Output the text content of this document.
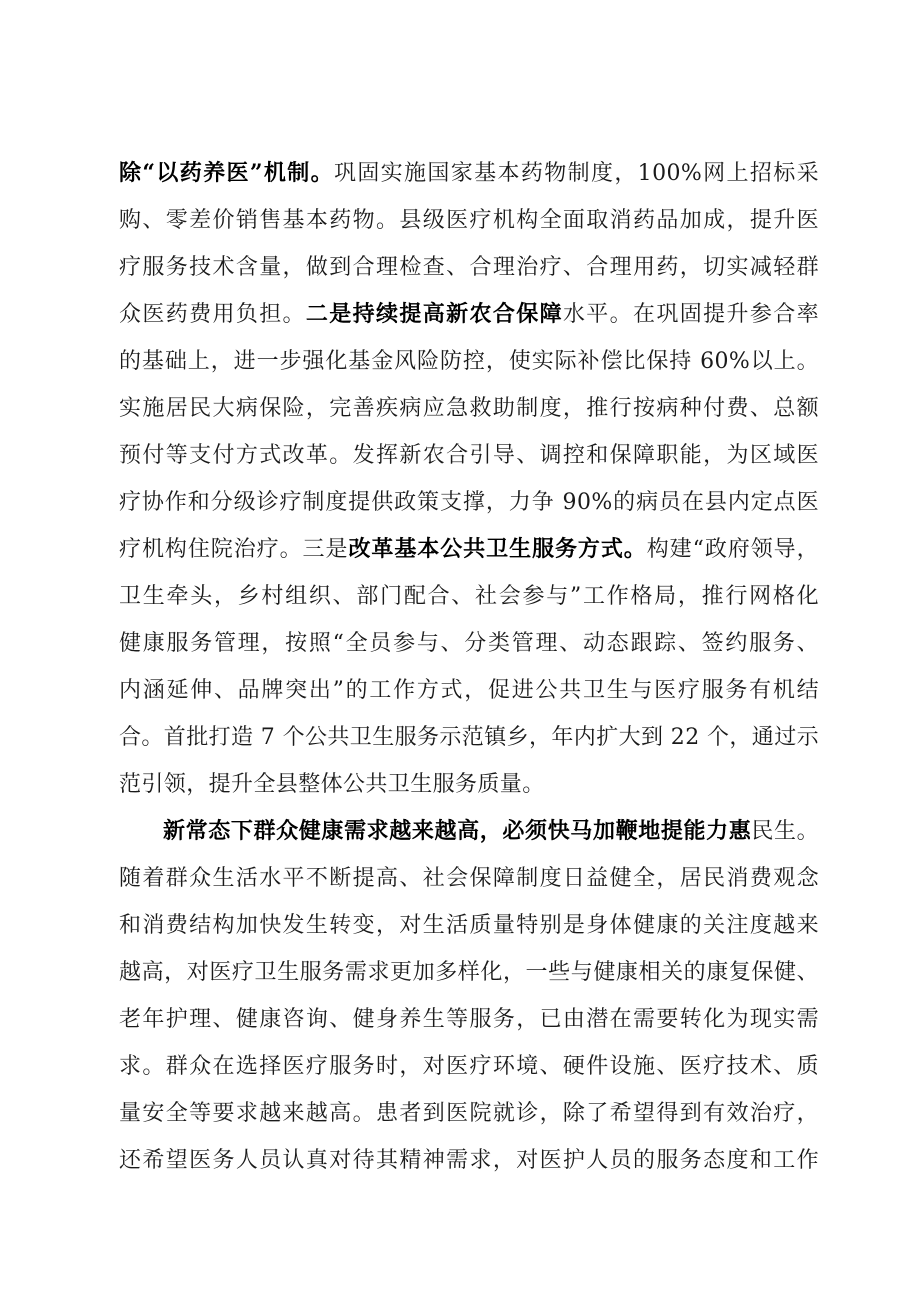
除“以药养医”机制。巩固实施国家基本药物制度，100%网上招标采
购、零差价销售基本药物。县级医疗机构全面取消药品加成，提升医
疗服务技术含量，做到合理检查、合理治疗、合理用药，切实减轻群
众医药费用负担。二是持续提高新农合保障水平。在巩固提升参合率
的基础上，进一步强化基金风险防控，使实际补偿比保持 60%以上。
实施居民大病保险，完善疾病应急救助制度，推行按病种付费、总额
预付等支付方式改革。发挥新农合引导、调控和保障职能，为区域医
疗协作和分级诊疗制度提供政策支撑，力争 90%的病员在县内定点医
疗机构住院治疗。三是改革基本公共卫生服务方式。构建“政府领导，
卫生牵头，乡村组织、部门配合、社会参与”工作格局，推行网格化
健康服务管理，按照“全员参与、分类管理、动态跟踪、签约服务、
内涵延伸、品牌突出”的工作方式，促进公共卫生与医疗服务有机结
合。首批打造 7 个公共卫生服务示范镇乡，年内扩大到 22 个，通过示
范引领，提升全县整体公共卫生服务质量。
新常态下群众健康需求越来越高，必须快马加鞭地提能力惠民生。
随着群众生活水平不断提高、社会保障制度日益健全，居民消费观念
和消费结构加快发生转变，对生活质量特别是身体健康的关注度越来
越高，对医疗卫生服务需求更加多样化，一些与健康相关的康复保健、
老年护理、健康咨询、健身养生等服务，已由潜在需要转化为现实需
求。群众在选择医疗服务时，对医疗环境、硬件设施、医疗技术、质
量安全等要求越来越高。患者到医院就诊，除了希望得到有效治疗，
还希望医务人员认真对待其精神需求，对医护人员的服务态度和工作
